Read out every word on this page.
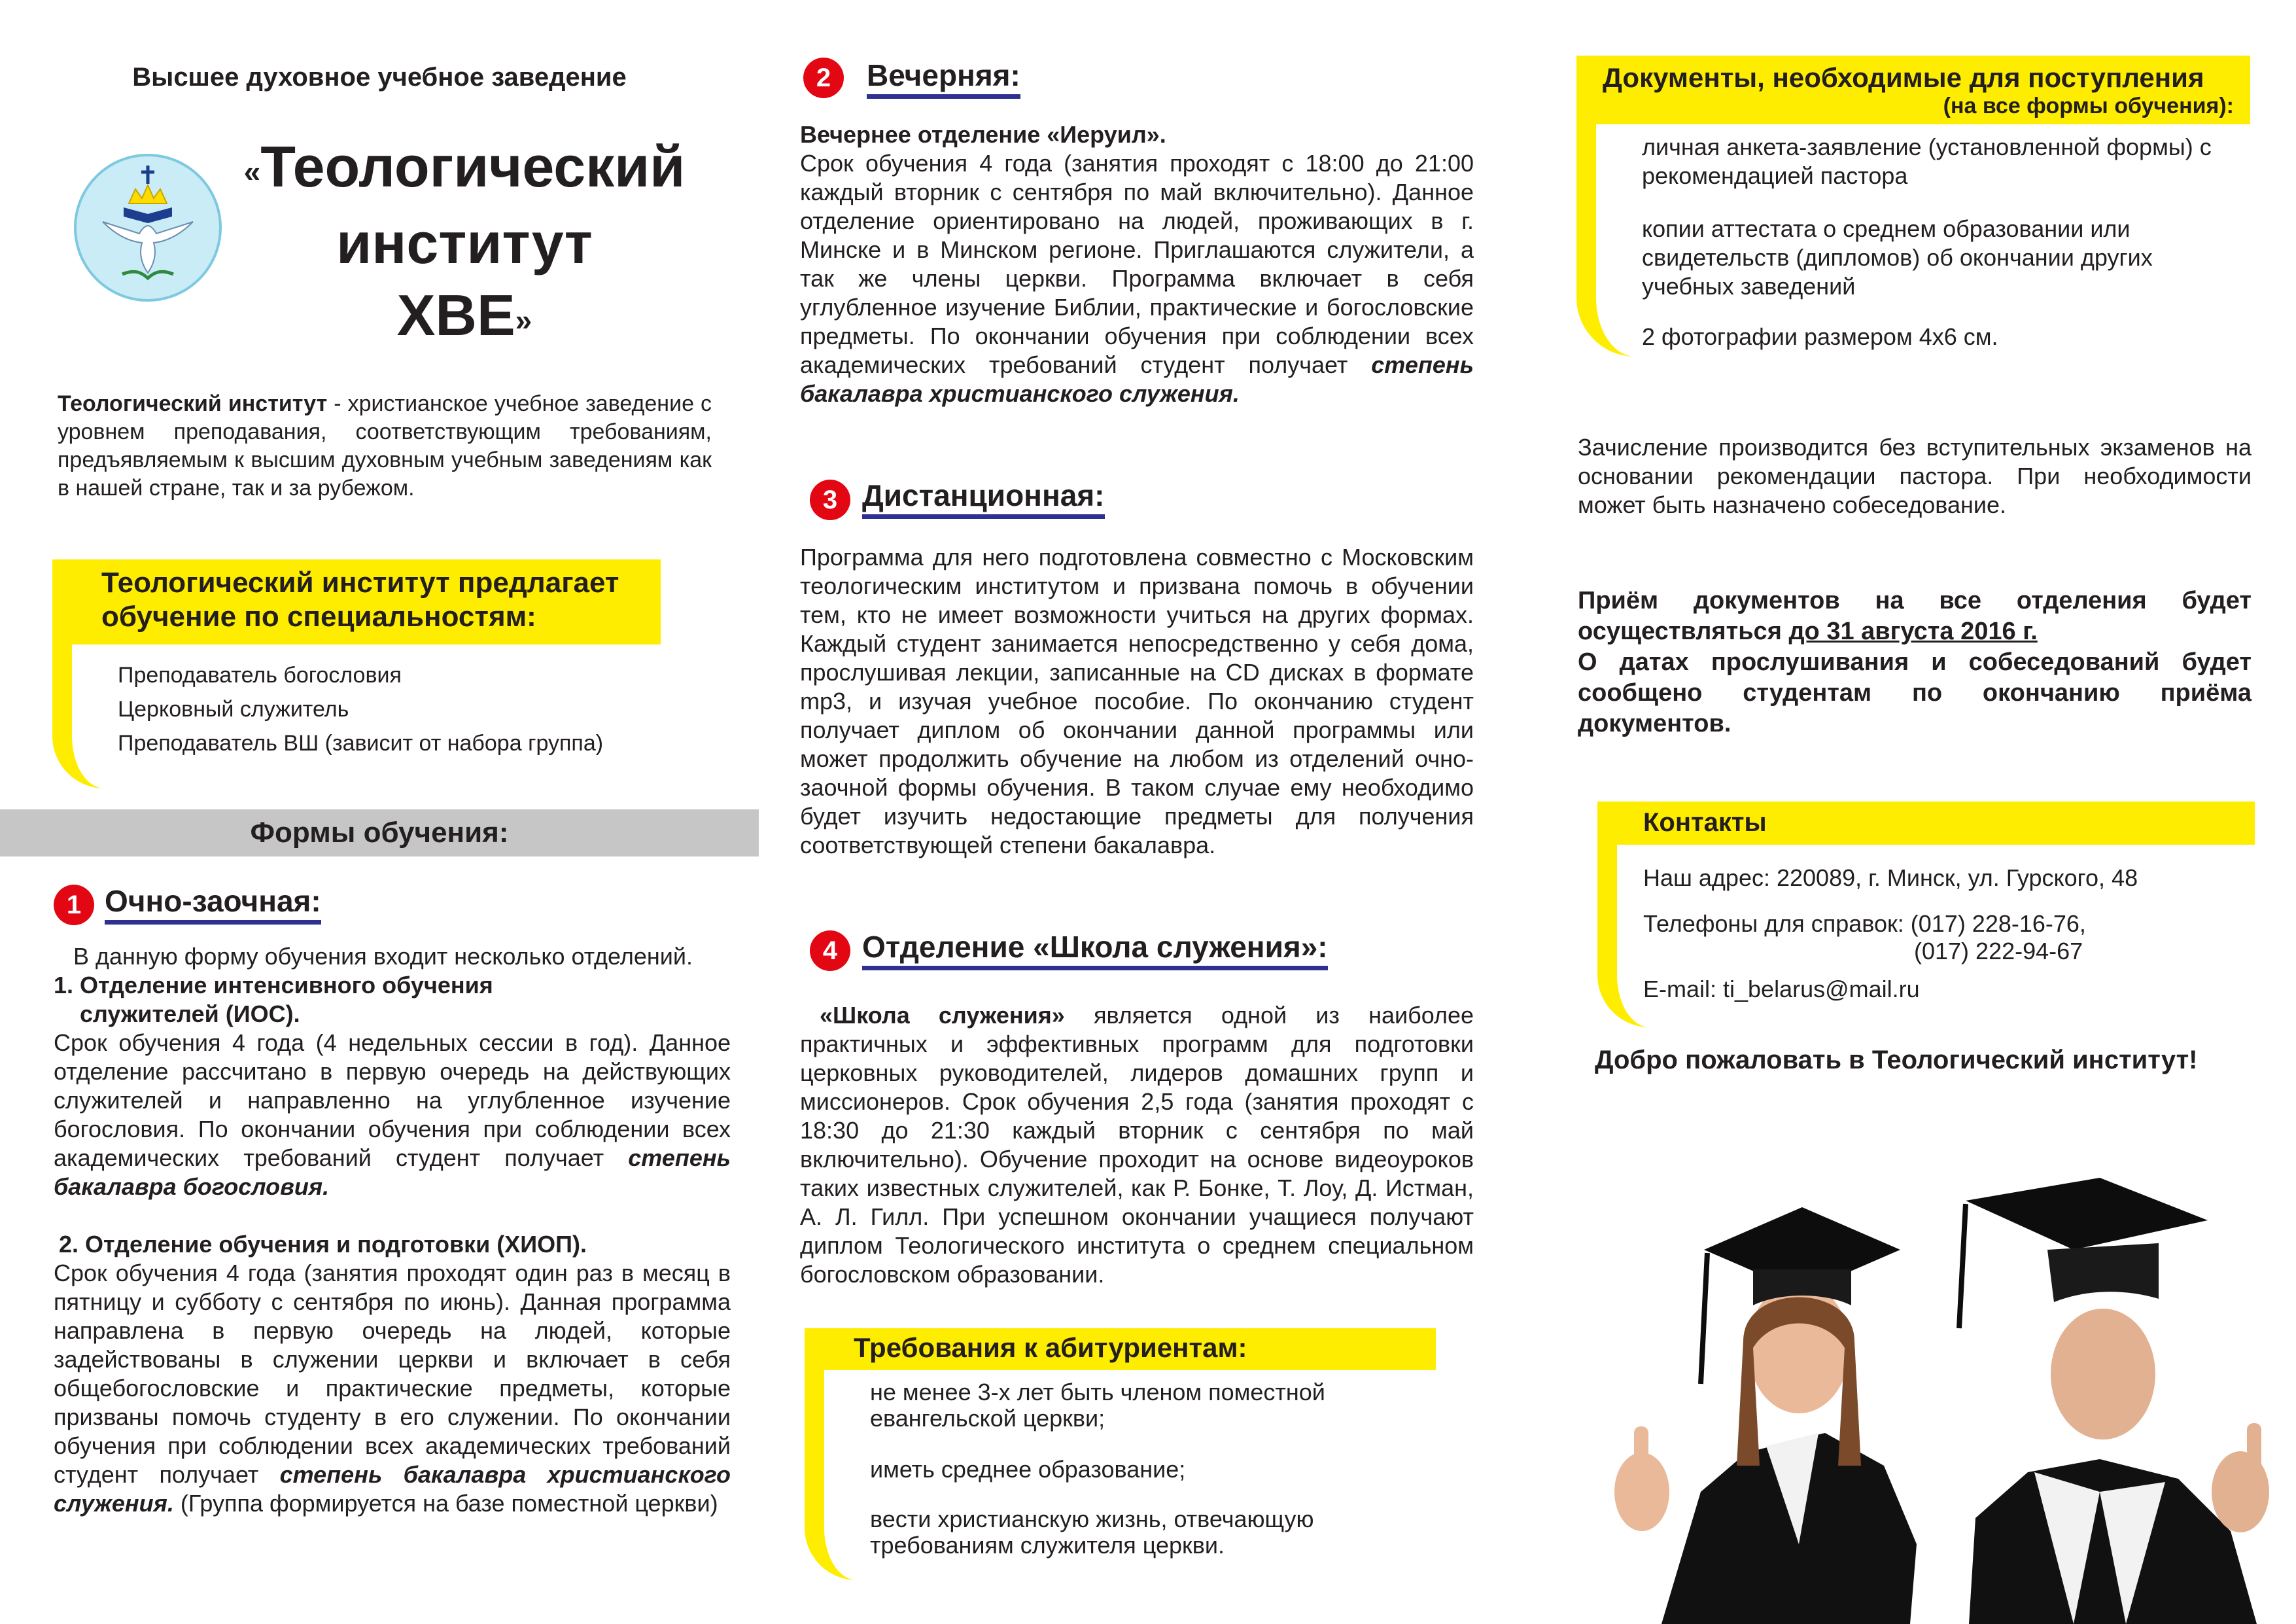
Высшее духовное учебное заведение
«Теологический
институт
ХВЕ»

Теологический институт - христианское учебное заведение с уровнем преподавания, соответствующим требованиям, предъявляемым к высшим духовным учебным заведениям как в нашей стране, так и за рубежом.

Теологический институт предлагает
обучение по специальностям:
Преподаватель богословия
Церковный служитель
Преподаватель ВШ (зависит от набора группа)
Формы обучения:
1 Очно-заочная:

В данную форму обучения входит несколько отделений.

1. Отделение интенсивного обучения

служителей (ИОС).

Срок обучения 4 года (4 недельных сессии в год). Данное отделение рассчитано в первую очередь на действующих служителей и направленно на углубленное изучение богословия. По окончании обучения при соблюдении всех академических требований студент получает степень бакалавра богословия.

2. Отделение обучения и подготовки (ХИОП).

Срок обучения 4 года (занятия проходят один раз в месяц в пятницу и субботу с сентября по июнь). Данная программа направлена в первую очередь на людей, которые задействованы в служении церкви и включает в себя общебогословские и практические предметы, которые призваны помочь студенту в его служении. По окончании обучения при соблюдении всех академических требований студент получает степень бакалавра христианского служения. (Группа формируется на базе поместной церкви)

2	Вечерняя:

Вечернее отделение «Иеруил».

Срок обучения 4 года (занятия проходят с 18:00 до 21:00 каждый вторник с сентября по май включительно). Данное отделение ориентировано на людей, проживающих в г. Минске и в Минском регионе. Приглашаются служители, а так же члены церкви. Программа включает в себя углубленное изучение Библии, практические и богословские предметы. По окончании обучения при соблюдении всех академических требований студент получает степень бакалавра христианского служения.

3 Дистанционная:

Программа для него подготовлена совместно с Московским теологическим институтом и призвана помочь в обучении тем, кто не имеет возможности учиться на других формах. Каждый студент занимается непосредственно у себя дома, прослушивая лекции, записанные на CD дисках в формате mp3, и изучая учебное пособие. По окончанию студент получает диплом об окончании данной программы или может продолжить обучение на любом из отделений очно-заочной формы обучения. В таком случае ему необходимо будет изучить недостающие предметы для получения соответствующей степени бакалавра.

4 Отделение «Школа служения»:

«Школа служения» является одной из наиболее практичных и эффективных программ для подготовки церковных руководителей, лидеров домашних групп и миссионеров. Срок обучения 2,5 года (занятия проходят с 18:30 до 21:30 каждый вторник с сентября по май включительно). Обучение проходит на основе видеоуроков таких известных служителей, как Р. Бонке, Т. Лоу, Д. Истман, А. Л. Гилл. При успешном окончании учащиеся получают диплом Теологического института о среднем специальном богословском образовании.

Требования к абитуриентам:
не менее 3-х лет быть членом поместной евангельской церкви;
иметь среднее образование;
вести христианскую жизнь, отвечающую требованиям служителя церкви.
Документы, необходимые для поступления
(на все формы обучения):
личная анкета-заявление (установленной формы) с рекомендацией пастора
копии аттестата о среднем образовании или свидетельств (дипломов) об окончании других учебных заведений
2 фотографии размером 4х6 см.

Зачисление производится без вступительных экзаменов на основании рекомендации пастора. При необходимости может быть назначено собеседование.

Приём документов на все отделения будет осуществляться до 31 августа 2016 г.

О датах прослушивания и собеседований будет сообщено студентам по окончанию приёма документов.

Контакты
Наш адрес: 220089, г. Минск, ул. Гурского, 48
Телефоны для справок: (017) 228-16-76,
(017) 222-94-67
E-mail: ti_belarus@mail.ru
Добро пожаловать в Теологический институт!
